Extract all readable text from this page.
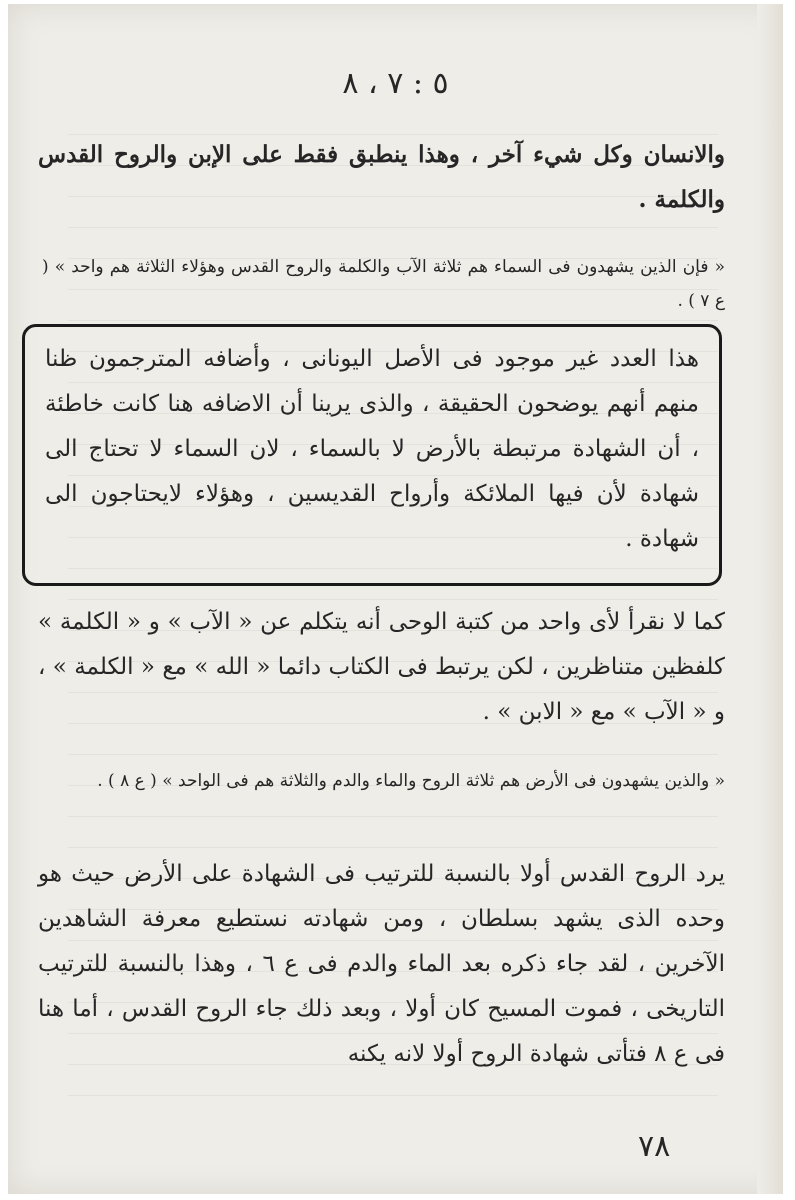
٥ : ٧ ، ٨
والانسان وكل شيء آخر ، وهذا ينطبق فقط على الإبن والروح القدس والكلمة .
« فإن الذين يشهدون فى السماء هم ثلاثة الآب والكلمة والروح القدس وهؤلاء الثلاثة هم واحد » ( ع ٧ ) .
هذا العدد غير موجود فى الأصل اليونانى ، وأضافه المترجمون ظنا منهم أنهم يوضحون الحقيقة ، والذى يرينا أن الاضافه هنا كانت خاطئة ، أن الشهادة مرتبطة بالأرض لا بالسماء ، لان السماء لا تحتاج الى شهادة لأن فيها الملائكة وأرواح القديسين ، وهؤلاء لايحتاجون الى شهادة .
كما لا نقرأ لأى واحد من كتبة الوحى أنه يتكلم عن « الآب » و « الكلمة » كلفظين متناظرين ، لكن يرتبط فى الكتاب دائما « الله » مع « الكلمة » ، و « الآب » مع « الابن » .
« والذين يشهدون فى الأرض هم ثلاثة الروح والماء والدم والثلاثة هم فى الواحد » ( ع ٨ ) .
يرد الروح القدس أولا بالنسبة للترتيب فى الشهادة على الأرض حيث هو وحده الذى يشهد بسلطان ، ومن شهادته نستطيع معرفة الشاهدين الآخرين ، لقد جاء ذكره بعد الماء والدم فى ع ٦ ، وهذا بالنسبة للترتيب التاريخى ، فموت المسيح كان أولا ، وبعد ذلك جاء الروح القدس ، أما هنا فى ع ٨ فتأتى شهادة الروح أولا لانه يكنه
٧٨
